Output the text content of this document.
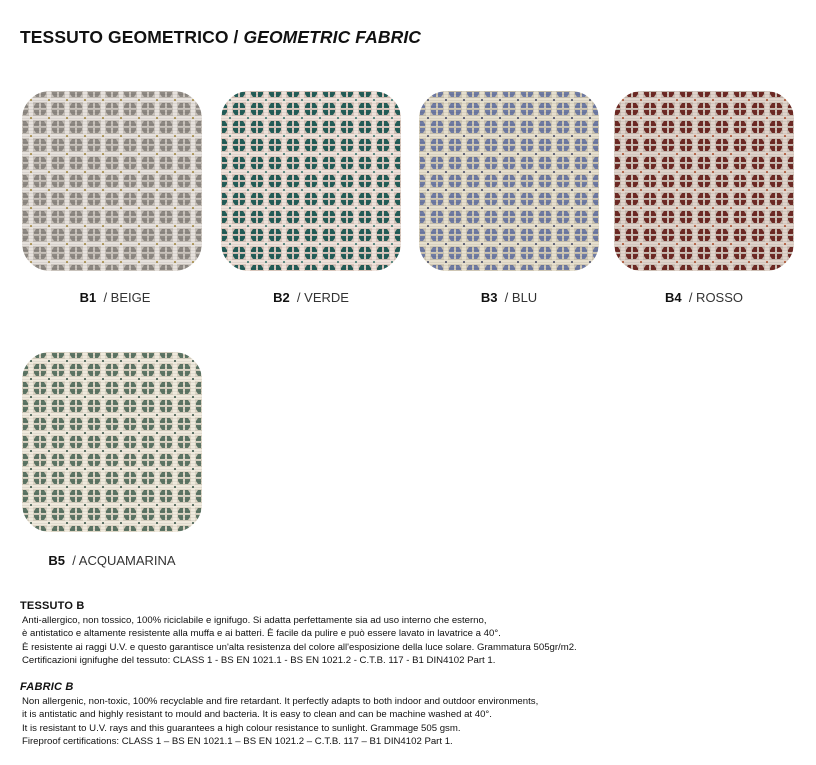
TESSUTO GEOMETRICO / GEOMETRIC FABRIC
B1 / BEIGE	B2 / VERDE	B3 / BLU	B4 / ROSSO
B5 / ACQUAMARINA
TESSUTO B
Anti-allergico, non tossico, 100% riciclabile e ignifugo. Si adatta perfettamente sia ad uso interno che esterno,
è antistatico e altamente resistente alla muffa e ai batteri. È facile da pulire e può essere lavato in lavatrice a 40°.
È resistente ai raggi U.V. e questo garantisce un'alta resistenza del colore all'esposizione della luce solare. Grammatura 505gr/m2.
Certificazioni ignifughe del tessuto: CLASS 1 - BS EN 1021.1 - BS EN 1021.2 - C.T.B. 117 - B1 DIN4102 Part 1.
FABRIC B
Non allergenic, non-toxic, 100% recyclable and fire retardant. It perfectly adapts to both indoor and outdoor environments,
it is antistatic and highly resistant to mould and bacteria. It is easy to clean and can be machine washed at 40°.
It is resistant to U.V. rays and this guarantees a high colour resistance to sunlight. Grammage 505 gsm.
Fireproof certifications: CLASS 1 – BS EN 1021.1 – BS EN 1021.2 – C.T.B. 117 – B1 DIN4102 Part 1.
